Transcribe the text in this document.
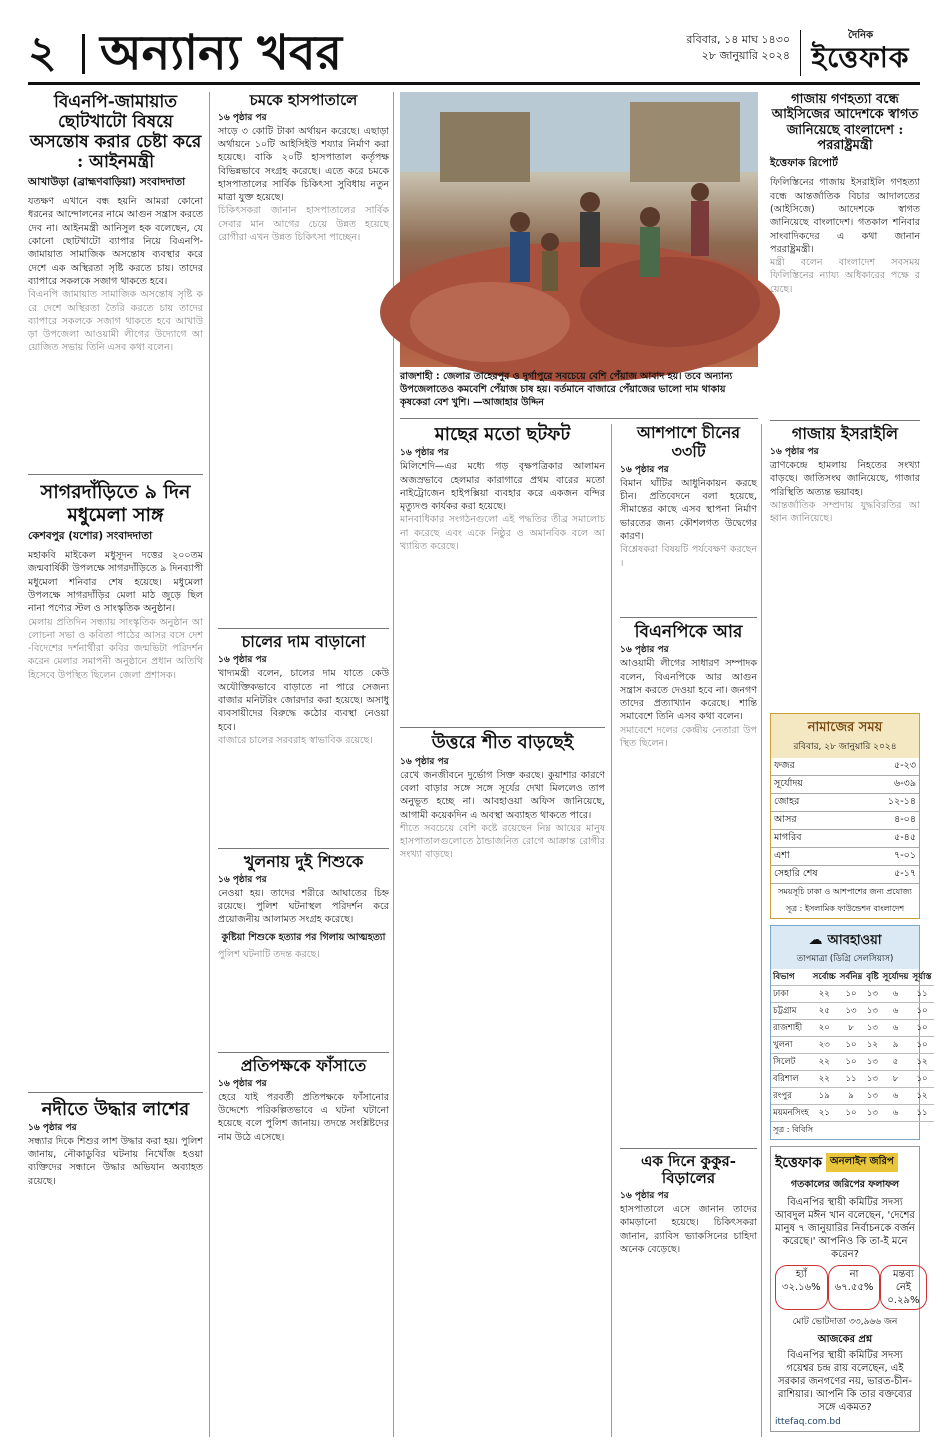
২ অন্যান্য খবর	রবিবার, ১৪ মাঘ ১৪৩০
২৮ জানুয়ারি ২০২৪
দৈনিক
ইত্তেফাক
বিএনপি-জামায়াত ছোটখাটো বিষয়ে অসন্তোষ করার চেষ্টা করে : আইনমন্ত্রী
আখাউড়া (ব্রাহ্মণবাড়িয়া) সংবাদদাতা
যতক্ষণ এখানে বন্ধ হয়নি আমরা কোনো ধরনের আন্দোলনের নামে আগুন সন্ত্রাস করতে দেব না। আইনমন্ত্রী আনিসুল হক বলেছেন, যে কোনো ছোটখাটো ব্যাপার নিয়ে বিএনপি-জামায়াত সামাজিক অসন্তোষ ব্যবস্থার করে দেশে এক অস্থিরতা সৃষ্টি করতে চায়। তাদের ব্যাপারে সকলকে সজাগ থাকতে হবে।
বিএনপি জামায়াত সামাজিক অসন্তোষ সৃষ্টি করে দেশে অস্থিরতা তৈরি করতে চায় তাদের ব্যাপারে সকলকে সজাগ থাকতে হবে আখাউড়া উপজেলা আওয়ামী লীগের উদ্যোগে আয়োজিত সভায় তিনি এসব কথা বলেন।
সাগরদাঁড়িতে ৯ দিন মধুমেলা সাঙ্গ
কেশবপুর (যশোর) সংবাদদাতা
মহাকবি মাইকেল মধুসূদন দত্তের ২০০তম জন্মবার্ষিকী উপলক্ষে সাগরদাঁড়িতে ৯ দিনব্যাপী মধুমেলা শনিবার শেষ হয়েছে। মধুমেলা উপলক্ষে সাগরদাঁড়ির মেলা মাঠ জুড়ে ছিল নানা পণ্যের স্টল ও সাংস্কৃতিক অনুষ্ঠান।
মেলায় প্রতিদিন সন্ধ্যায় সাংস্কৃতিক অনুষ্ঠান আলোচনা সভা ও কবিতা পাঠের আসর বসে দেশ-বিদেশের দর্শনার্থীরা কবির জন্মভিটা পরিদর্শন করেন মেলার সমাপনী অনুষ্ঠানে প্রধান অতিথি হিসেবে উপস্থিত ছিলেন জেলা প্রশাসক।
নদীতে উদ্ধার লাশের
১৬ পৃষ্ঠার পর
সন্ধ্যার দিকে শিশুর লাশ উদ্ধার করা হয়। পুলিশ জানায়, নৌকাডুবির ঘটনায় নিখোঁজ হওয়া ব্যক্তিদের সন্ধানে উদ্ধার অভিযান অব্যাহত রয়েছে।
চমকে হাসপাতালে
১৬ পৃষ্ঠার পর
সাড়ে ৩ কোটি টাকা অর্থায়ন করেছে। এছাড়া অর্থায়নে ১০টি আইসিইউ শয্যার নির্মাণ করা হয়েছে। বাকি ২০টি হাসপাতাল কর্তৃপক্ষ বিভিন্নভাবে সংগ্রহ করেছে। এতে করে চমকে হাসপাতালের সার্বিক চিকিৎসা সুবিধায় নতুন মাত্রা যুক্ত হয়েছে।
চিকিৎসকরা জানান হাসপাতালের সার্বিক সেবার মান আগের চেয়ে উন্নত হয়েছে রোগীরা এখন উন্নত চিকিৎসা পাচ্ছেন।
চালের দাম বাড়ানো
১৬ পৃষ্ঠার পর
খাদ্যমন্ত্রী বলেন, চালের দাম যাতে কেউ অযৌক্তিকভাবে বাড়াতে না পারে সেজন্য বাজার মনিটরিং জোরদার করা হয়েছে। অসাধু ব্যবসায়ীদের বিরুদ্ধে কঠোর ব্যবস্থা নেওয়া হবে।
বাজারে চালের সরবরাহ স্বাভাবিক রয়েছে।
খুলনায় দুই শিশুকে
১৬ পৃষ্ঠার পর
নেওয়া হয়। তাদের শরীরে আঘাতের চিহ্ন রয়েছে। পুলিশ ঘটনাস্থল পরিদর্শন করে প্রয়োজনীয় আলামত সংগ্রহ করেছে।
কুষ্টিয়া শিশুকে হত্যার পর গিলায় আত্মহত্যা
পুলিশ ঘটনাটি তদন্ত করছে।
প্রতিপক্ষকে ফাঁসাতে
১৬ পৃষ্ঠার পর
হেরে যাই পরবর্তী প্রতিপক্ষকে ফাঁসানোর উদ্দেশ্যে পরিকল্পিতভাবে এ ঘটনা ঘটানো হয়েছে বলে পুলিশ জানায়। তদন্তে সংশ্লিষ্টদের নাম উঠে এসেছে।
রাজশাহী : জেলার তাহেরপুর ও দুর্গাপুরে সবচেয়ে বেশি পেঁয়াজ আবাদ হয়। তবে অন্যান্য উপজেলাতেও কমবেশি পেঁয়াজ চাষ হয়। বর্তমানে বাজারে পেঁয়াজের ভালো দাম থাকায় কৃষকেরা বেশ খুশি। —আজাহার উদ্দিন
মাছের মতো ছটফট
১৬ পৃষ্ঠার পর
মিলিশেদি—এর মধ্যে গড় বৃক্ষপত্রিকার আলামন অজস্রভাবে হেলমার কারাগারে প্রথম বারের মতো নাইট্রোজেন হাইপক্সিয়া ব্যবহার করে একজন বন্দির মৃত্যুদণ্ড কার্যকর করা হয়েছে।
মানবাধিকার সংগঠনগুলো এই পদ্ধতির তীব্র সমালোচনা করেছে এবং একে নিষ্ঠুর ও অমানবিক বলে আখ্যায়িত করেছে।
উত্তরে শীত বাড়ছেই
১৬ পৃষ্ঠার পর
রেখে জনজীবনে দুর্ভোগ সিক্ত করছে। কুয়াশার কারণে বেলা বাড়ার সঙ্গে সঙ্গে সূর্যের দেখা মিললেও তাপ অনুভূত হচ্ছে না। আবহাওয়া অফিস জানিয়েছে, আগামী কয়েকদিন এ অবস্থা অব্যাহত থাকতে পারে।
শীতে সবচেয়ে বেশি কষ্টে রয়েছেন নিম্ন আয়ের মানুষ হাসপাতালগুলোতে ঠান্ডাজনিত রোগে আক্রান্ত রোগীর সংখ্যা বাড়ছে।
আশপাশে চীনের ৩৩টি
১৬ পৃষ্ঠার পর
বিমান ঘাঁটির আধুনিকায়ন করছে চীন। প্রতিবেদনে বলা হয়েছে, সীমান্তের কাছে এসব স্থাপনা নির্মাণ ভারতের জন্য কৌশলগত উদ্বেগের কারণ।
বিশ্লেষকরা বিষয়টি পর্যবেক্ষণ করছেন।
বিএনপিকে আর
১৬ পৃষ্ঠার পর
আওয়ামী লীগের সাধারণ সম্পাদক বলেন, বিএনপিকে আর আগুন সন্ত্রাস করতে দেওয়া হবে না। জনগণ তাদের প্রত্যাখ্যান করেছে। শান্তি সমাবেশে তিনি এসব কথা বলেন।
সমাবেশে দলের কেন্দ্রীয় নেতারা উপস্থিত ছিলেন।
এক দিনে কুকুর-বিড়ালের
১৬ পৃষ্ঠার পর
হাসপাতালে এসে জানান তাদের কামড়ানো হয়েছে। চিকিৎসকরা জানান, র‍্যাবিস ভ্যাকসিনের চাহিদা অনেক বেড়েছে।
গাজায় গণহত্যা বন্ধে আইসিজের আদেশকে স্বাগত জানিয়েছে বাংলাদেশ : পররাষ্ট্রমন্ত্রী
ইত্তেফাক রিপোর্ট
ফিলিস্তিনের গাজায় ইসরাইলি গণহত্যা বন্ধে আন্তর্জাতিক বিচার আদালতের (আইসিজে) আদেশকে স্বাগত জানিয়েছে বাংলাদেশ। গতকাল শনিবার সাংবাদিকদের এ কথা জানান পররাষ্ট্রমন্ত্রী।
মন্ত্রী বলেন বাংলাদেশ সবসময় ফিলিস্তিনের ন্যায্য অধিকারের পক্ষে রয়েছে।
গাজায় ইসরাইলি
১৬ পৃষ্ঠার পর
ত্রাণকেন্দ্রে হামলায় নিহতের সংখ্যা বাড়ছে। জাতিসংঘ জানিয়েছে, গাজার পরিস্থিতি অত্যন্ত ভয়াবহ।
আন্তর্জাতিক সম্প্রদায় যুদ্ধবিরতির আহ্বান জানিয়েছে।
নামাজের সময়
রবিবার, ২৮ জানুয়ারি ২০২৪
ফজর	৫-২৩
সূর্যোদয়	৬-৩৯
জোহর	১২-১৪
আসর	৪-০৪
মাগরিব	৫-৪৫
এশা	৭-০১
সেহারি শেষ	৫-১৭
সময়সূচি ঢাকা ও আশপাশের জন্য প্রযোজ্য
সূত্র : ইসলামিক ফাউন্ডেশন বাংলাদেশ
☁ আবহাওয়া
তাপমাত্রা (ডিগ্রি সেলসিয়াস)
বিভাগ	সর্বোচ্চ	সর্বনিম্ন	বৃষ্টি	সূর্যোদয়	সূর্যাস্ত
ঢাকা	২২	১০	১৩	৬	১১
চট্টগ্রাম	২৫	১৩	১৩	৬	১০
রাজশাহী	২০	৮	১৩	৬	১০
খুলনা	২৩	১০	১২	৯	১০
সিলেট	২২	১০	১৩	৫	১২
বরিশাল	২২	১১	১৩	৮	১০
রংপুর	১৯	৯	১৩	৬	১২
ময়মনসিংহ	২১	১০	১৩	৬	১১
সূত্র : বিবিসি
ইত্তেফাক অনলাইন জরিপ
গতকালের জরিপের ফলাফল
বিএনপির স্থায়ী কমিটির সদস্য আবদুল মঈন খান বলেছেন, 'দেশের মানুষ ৭ জানুয়ারির নির্বাচনকে বর্জন করেছে।' আপনিও কি তা-ই মনে করেন?
হ্যাঁ
৩২.১৬%
না
৬৭.৫৫%
মন্তব্য নেই
০.২৯%
মোট ভোটদাতা ৩৩,৯৬৬ জন
আজকের প্রশ্ন
বিএনপির স্থায়ী কমিটির সদস্য গয়েশ্বর চন্দ্র রায় বলেছেন, এই সরকার জনগণের নয়, ভারত-চীন-রাশিয়ার। আপনি কি তার বক্তব্যের সঙ্গে একমত?
ittefaq.com.bd
